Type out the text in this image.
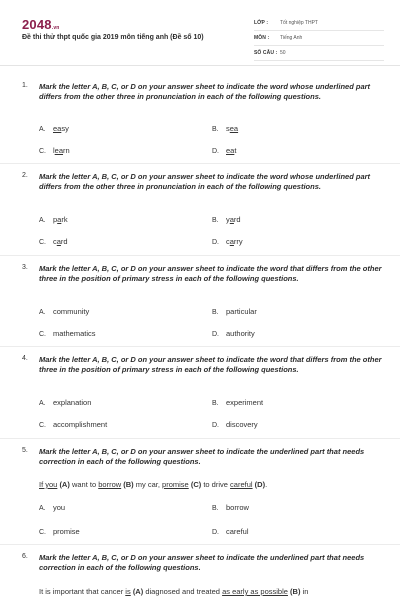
2048.vn
Đề thi thử thpt quốc gia 2019 môn tiếng anh (Đề số 10)
LỚP :	Tốt nghiệp THPT
MÔN :	Tiếng Anh
SỐ CÂU : 50
1. Mark the letter A, B, C, or D on your answer sheet to indicate the word whose underlined part differs from the other three in pronunciation in each of the following questions.
A. easy	B. sea
C. learn	D. eat
2. Mark the letter A, B, C, or D on your answer sheet to indicate the word whose underlined part differs from the other three in pronunciation in each of the following questions.
A. park	B. yard
C. card	D. carry
3. Mark the letter A, B, C, or D on your answer sheet to indicate the word that differs from the other three in the position of primary stress in each of the following questions.
A. community	B. particular
C. mathematics	D. authority
4. Mark the letter A, B, C, or D on your answer sheet to indicate the word that differs from the other three in the position of primary stress in each of the following questions.
A. explanation	B. experiment
C. accomplishment	D. discovery
5. Mark the letter A, B, C, or D on your answer sheet to indicate the underlined part that needs correction in each of the following questions.
If you (A) want to borrow (B) my car, promise (C) to drive careful (D).
A. you	B. borrow
C. promise	D. careful
6. Mark the letter A, B, C, or D on your answer sheet to indicate the underlined part that needs correction in each of the following questions.
It is important that cancer is (A) diagnosed and treated as early as possible (B) in
